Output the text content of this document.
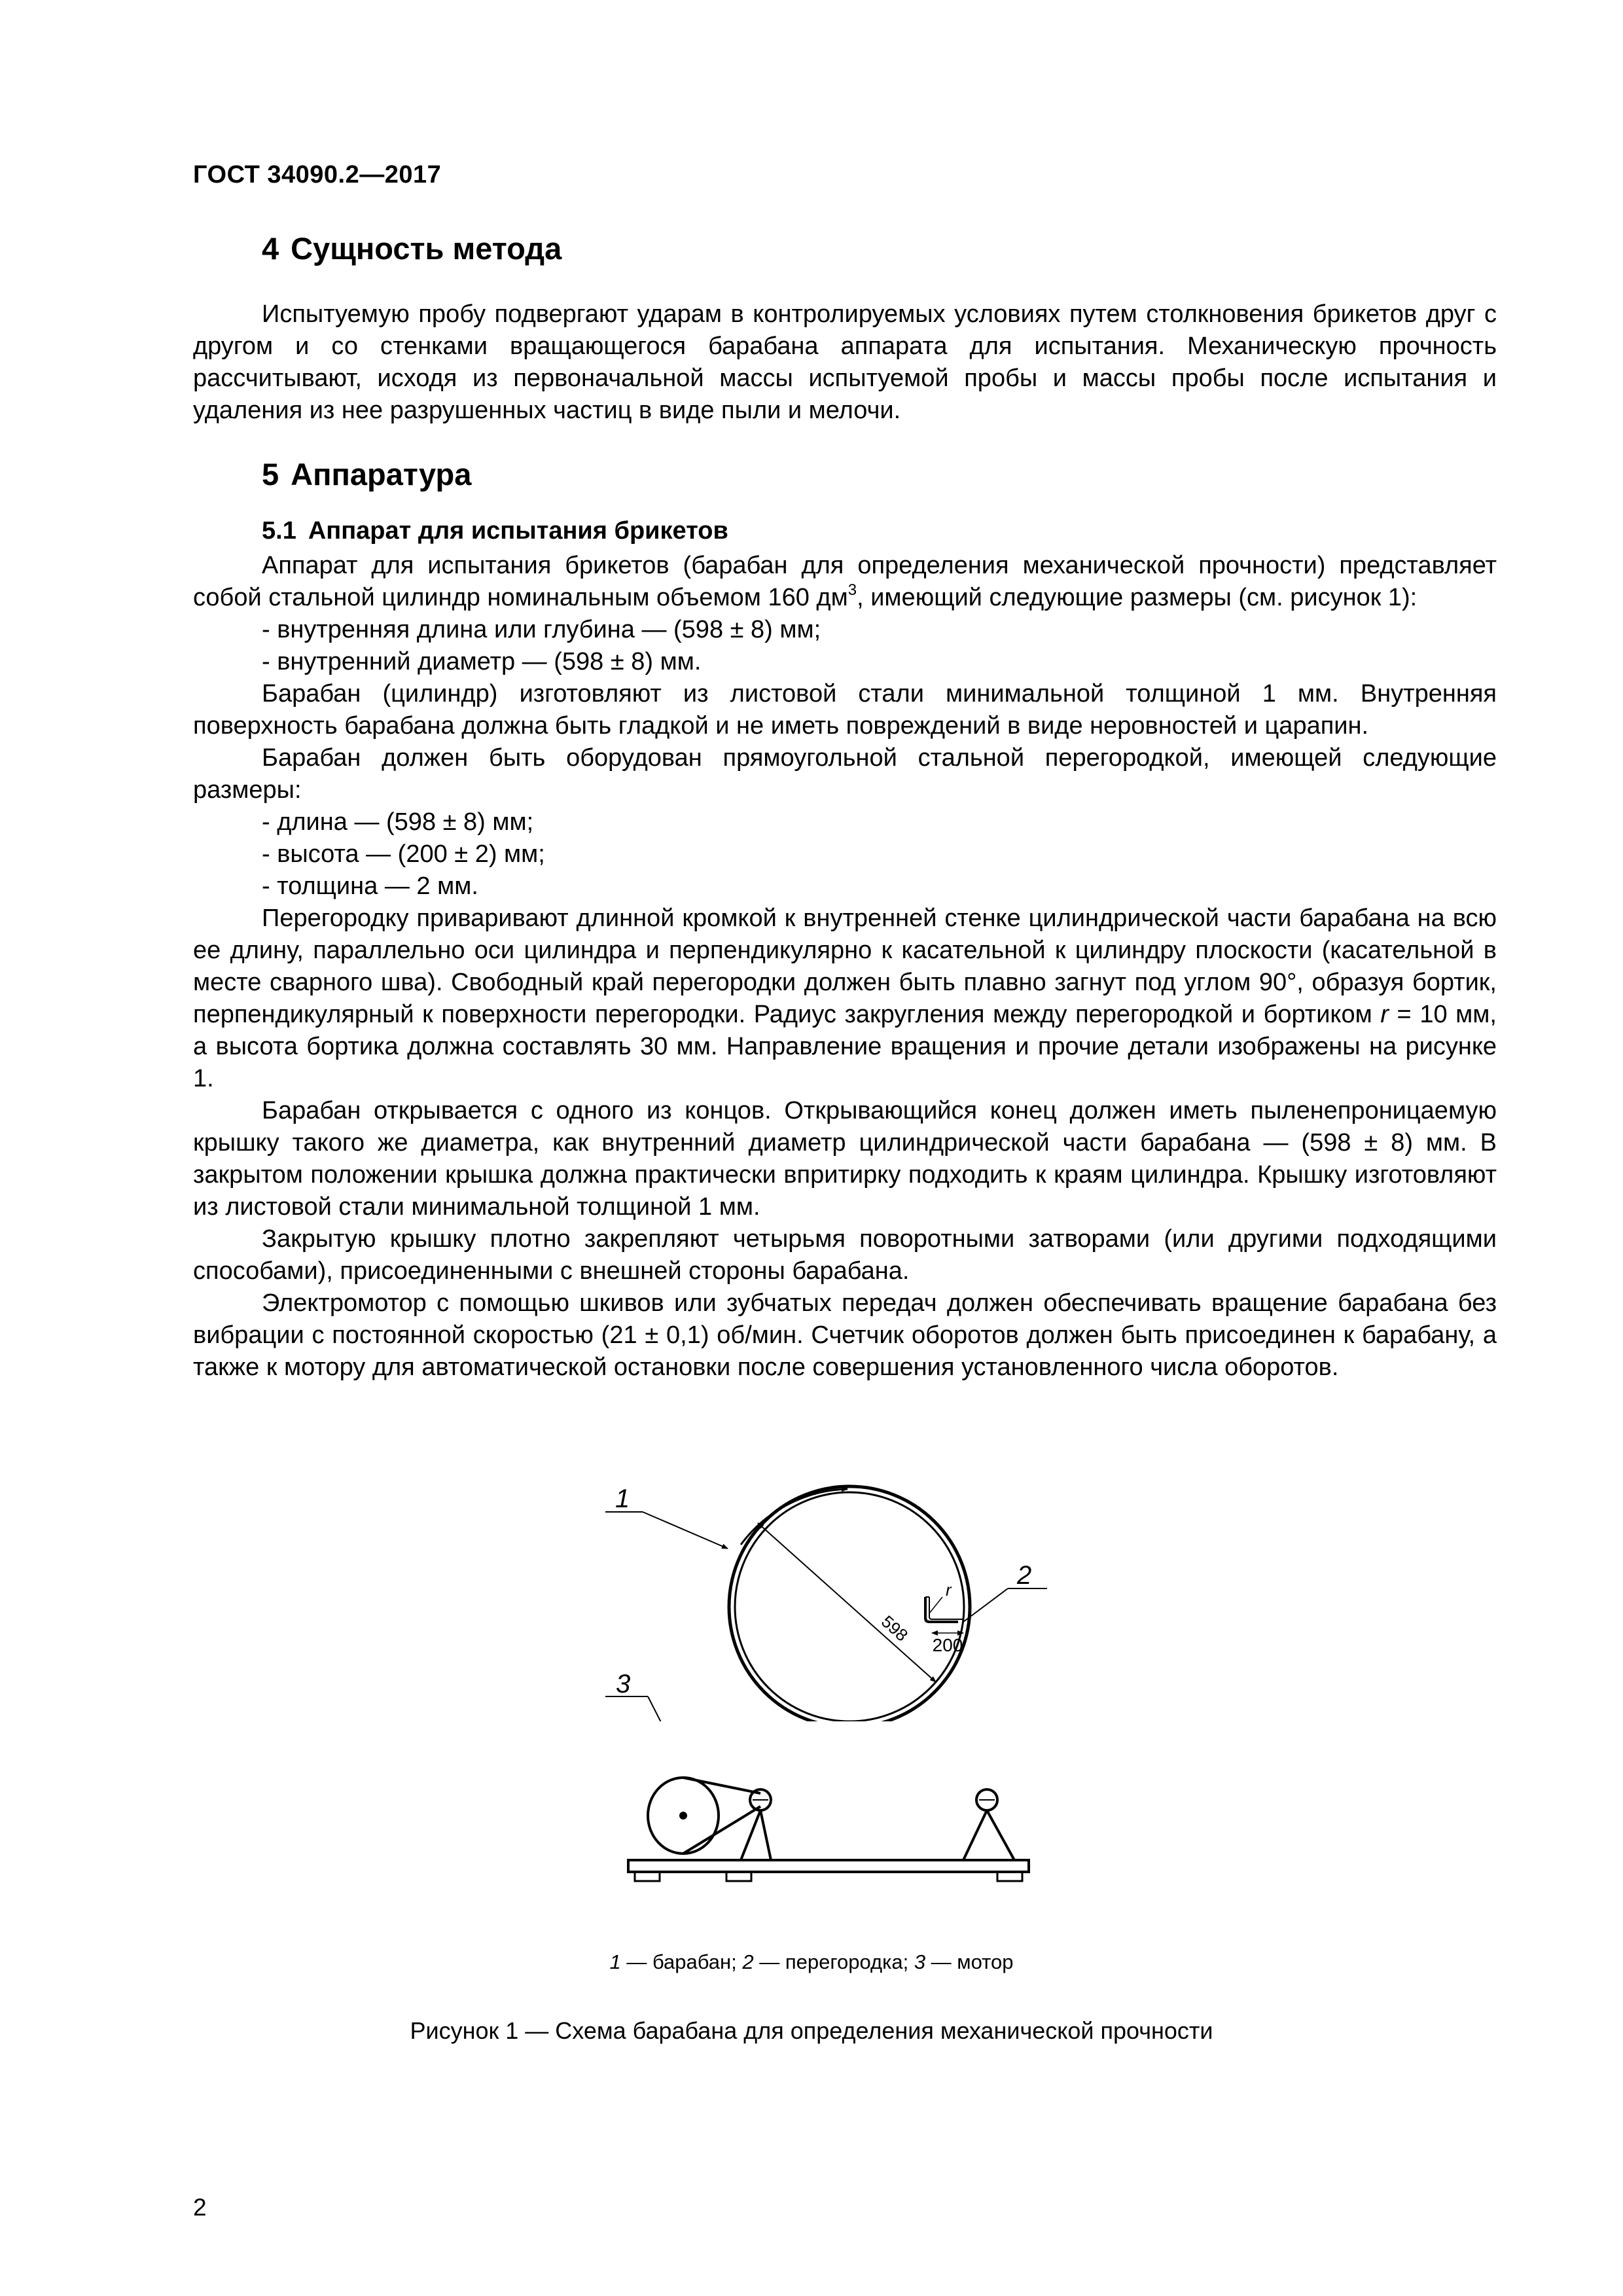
ГОСТ 34090.2—2017
4 Сущность метода

Испытуемую пробу подвергают ударам в контролируемых условиях путем столкновения брикетов друг с другом и со стенками вращающегося барабана аппарата для испытания. Механическую прочность рассчитывают, исходя из первоначальной массы испытуемой пробы и массы пробы после испытания и удаления из нее разрушенных частиц в виде пыли и мелочи.

5 Аппаратура
5.1 Аппарат для испытания брикетов

Аппарат для испытания брикетов (барабан для определения механической прочности) представляет собой стальной цилиндр номинальным объемом 160 $дм^3$, имеющий следующие размеры (см. рисунок 1):

- внутренняя длина или глубина — (598 ± 8) мм;

- внутренний диаметр — (598 ± 8) мм.

Барабан (цилиндр) изготовляют из листовой стали минимальной толщиной 1 мм. Внутренняя поверхность барабана должна быть гладкой и не иметь повреждений в виде неровностей и царапин.

Барабан должен быть оборудован прямоугольной стальной перегородкой, имеющей следующие размеры:

- длина — (598 ± 8) мм;

- высота — (200 ± 2) мм;

- толщина — 2 мм.

Перегородку приваривают длинной кромкой к внутренней стенке цилиндрической части барабана на всю ее длину, параллельно оси цилиндра и перпендикулярно к касательной к цилиндру плоскости (касательной в месте сварного шва). Свободный край перегородки должен быть плавно загнут под углом 90°, образуя бортик, перпендикулярный к поверхности перегородки. Радиус закругления между перегородкой и бортиком r = 10 мм, а высота бортика должна составлять 30 мм. Направление вращения и прочие детали изображены на рисунке 1.

Барабан открывается с одного из концов. Открывающийся конец должен иметь пыленепроницаемую крышку такого же диаметра, как внутренний диаметр цилиндрической части барабана — (598 ± 8) мм. В закрытом положении крышка должна практически впритирку подходить к краям цилиндра. Крышку изготовляют из листовой стали минимальной толщиной 1 мм.

Закрытую крышку плотно закрепляют четырьмя поворотными затворами (или другими подходящими способами), присоединенными с внешней стороны барабана.

Электромотор с помощью шкивов или зубчатых передач должен обеспечивать вращение барабана без вибрации с постоянной скоростью (21 ± 0,1) об/мин. Счетчик оборотов должен быть присоединен к барабану, а также к мотору для автоматической остановки после совершения установленного числа оборотов.

598
r
200
1
2
3
1 — барабан; 2 — перегородка; 3 — мотор
Рисунок 1 — Схема барабана для определения механической прочности
2
